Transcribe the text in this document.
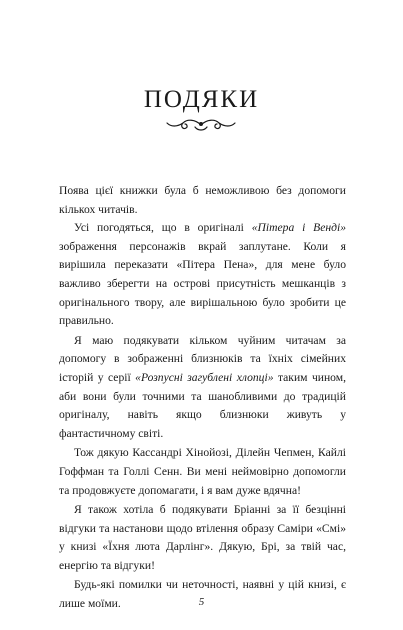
ПОДЯКИ

Поява цієї книжки була б неможливою без допомоги кількох читачів.

Усі погодяться, що в оригіналі «Пітера і Венді» зображення персонажів вкрай заплутане. Коли я вирішила переказати «Пітера Пена», для мене було важливо зберегти на острові присутність мешканців з оригінального твору, але вирішальною було зробити це правильно.

Я маю подякувати кільком чуйним читачам за допомогу в зображенні близнюків та їхніх сімейних історій у серії «Розпусні загублені хлопці» таким чином, аби вони були точними та шанобливими до традицій оригіналу, навіть якщо близнюки живуть у фантастичному світі.

Тож дякую Кассандрі Хінойозі, Ділейн Чепмен, Кайлі Гоффман та Голлі Сенн. Ви мені неймовірно допомогли та продовжуєте допомагати, і я вам дуже вдячна!

Я також хотіла б подякувати Бріанні за її безцінні відгуки та настанови щодо втілення образу Саміри «Смі» у книзі «Їхня люта Дарлінг». Дякую, Брі, за твій час, енергію та відгуки!

Будь-які помилки чи неточності, наявні у цій книзі, є лише моїми.	5
